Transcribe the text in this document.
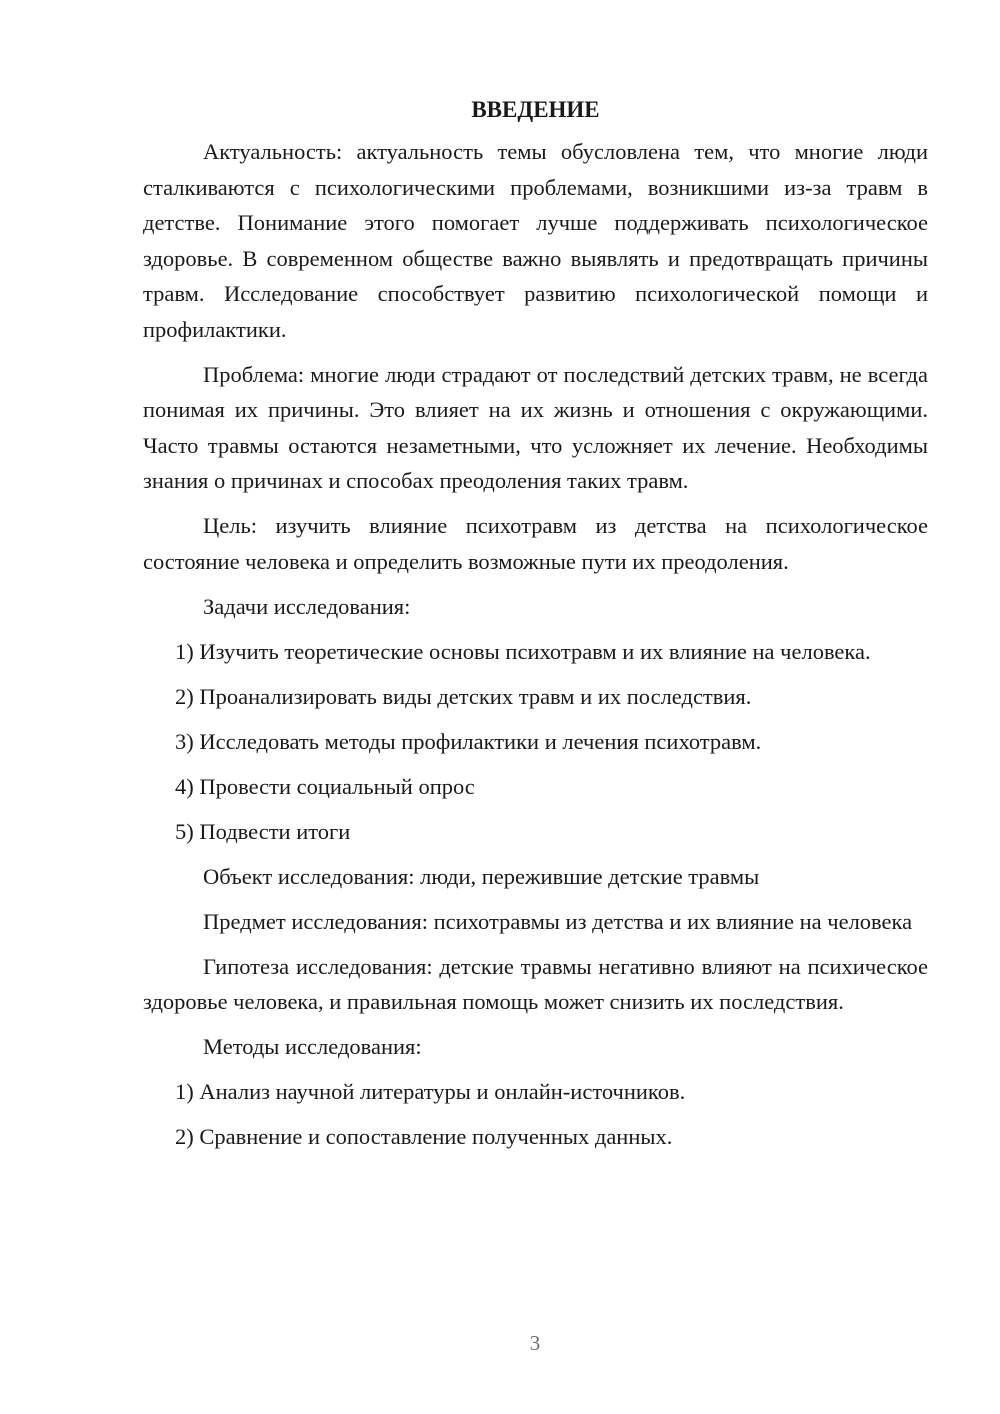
ВВЕДЕНИЕ

Актуальность: актуальность темы обусловлена тем, что многие люди сталкиваются с психологическими проблемами, возникшими из-за травм в детстве. Понимание этого помогает лучше поддерживать психологическое здоровье. В современном обществе важно выявлять и предотвращать причины травм. Исследование способствует развитию психологической помощи и профилактики.

Проблема: многие люди страдают от последствий детских травм, не всегда понимая их причины. Это влияет на их жизнь и отношения с окружающими. Часто травмы остаются незаметными, что усложняет их лечение. Необходимы знания о причинах и способах преодоления таких травм.

Цель: изучить влияние психотравм из детства на психологическое состояние человека и определить возможные пути их преодоления.

Задачи исследования:

1) Изучить теоретические основы психотравм и их влияние на человека.

2) Проанализировать виды детских травм и их последствия.

3) Исследовать методы профилактики и лечения психотравм.

4) Провести социальный опрос

5) Подвести итоги

Объект исследования: люди, пережившие детские травмы

Предмет исследования: психотравмы из детства и их влияние на человека

Гипотеза исследования: детские травмы негативно влияют на психическое здоровье человека, и правильная помощь может снизить их последствия.

Методы исследования:

1) Анализ научной литературы и онлайн-источников.

2) Сравнение и сопоставление полученных данных.

3
